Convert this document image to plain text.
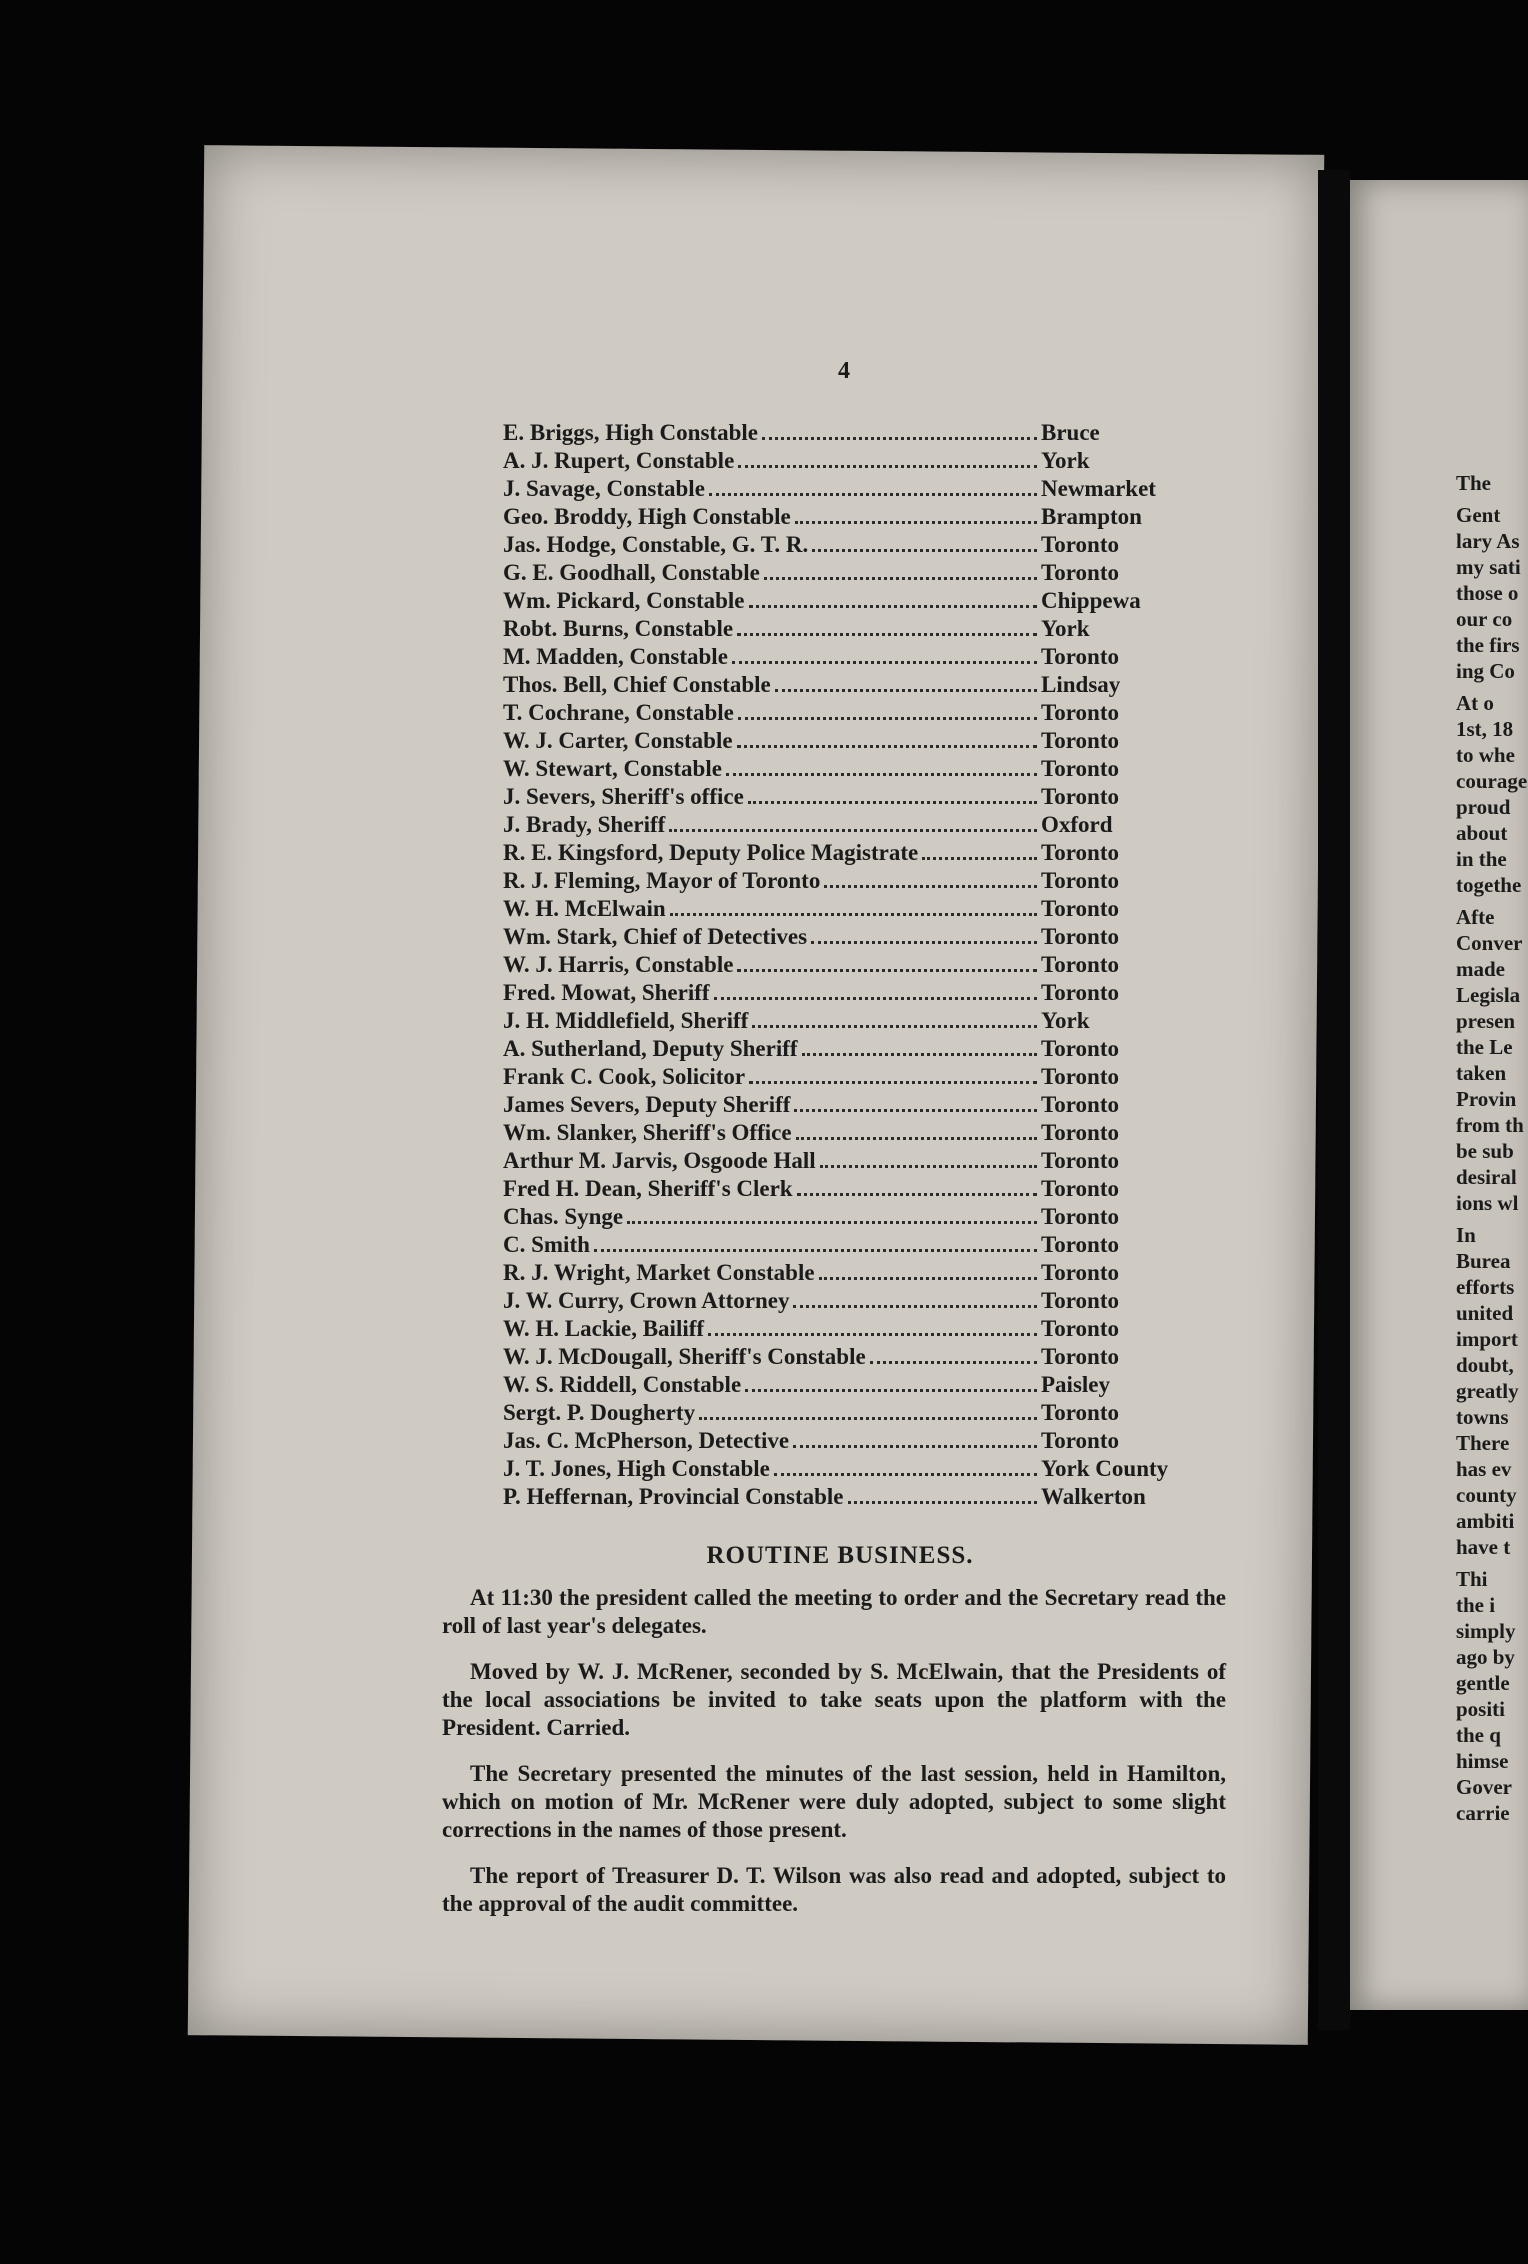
4
E. Briggs, High Constable	Bruce
A. J. Rupert, Constable	York
J. Savage, Constable	Newmarket
Geo. Broddy, High Constable	Brampton
Jas. Hodge, Constable, G. T. R.	Toronto
G. E. Goodhall, Constable	Toronto
Wm. Pickard, Constable	Chippewa
Robt. Burns, Constable	York
M. Madden, Constable	Toronto
Thos. Bell, Chief Constable	Lindsay
T. Cochrane, Constable	Toronto
W. J. Carter, Constable	Toronto
W. Stewart, Constable	Toronto
J. Severs, Sheriff's office	Toronto
J. Brady, Sheriff	Oxford
R. E. Kingsford, Deputy Police Magistrate	Toronto
R. J. Fleming, Mayor of Toronto	Toronto
W. H. McElwain	Toronto
Wm. Stark, Chief of Detectives	Toronto
W. J. Harris, Constable	Toronto
Fred. Mowat, Sheriff	Toronto
J. H. Middlefield, Sheriff	York
A. Sutherland, Deputy Sheriff	Toronto
Frank C. Cook, Solicitor	Toronto
James Severs, Deputy Sheriff	Toronto
Wm. Slanker, Sheriff's Office	Toronto
Arthur M. Jarvis, Osgoode Hall	Toronto
Fred H. Dean, Sheriff's Clerk	Toronto
Chas. Synge	Toronto
C. Smith	Toronto
R. J. Wright, Market Constable	Toronto
J. W. Curry, Crown Attorney	Toronto
W. H. Lackie, Bailiff	Toronto
W. J. McDougall, Sheriff's Constable	Toronto
W. S. Riddell, Constable	Paisley
Sergt. P. Dougherty	Toronto
Jas. C. McPherson, Detective	Toronto
J. T. Jones, High Constable	York County
P. Heffernan, Provincial Constable	Walkerton
ROUTINE BUSINESS.

At 11:30 the president called the meeting to order and the Secretary read the roll of last year's delegates.

Moved by W. J. McRener, seconded by S. McElwain, that the Presidents of the local associations be invited to take seats upon the platform with the President. Carried.

The Secretary presented the minutes of the last session, held in Hamilton, which on motion of Mr. McRener were duly adopted, subject to some slight corrections in the names of those present.

The report of Treasurer D. T. Wilson was also read and adopted, subject to the approval of the audit committee.

The
Gent
lary As
my sati
those o
our co
the firs
ing Co
At o
1st, 18
to whe
courage
proud
about
in the
togethe
Afte
Conver
made
Legisla
presen
the Le
taken
Provin
from th
be sub
desiral
ions wl
In
Burea
efforts
united
import
doubt,
greatly
towns
There
has ev
county
ambiti
have t
Thi
the i
simply
ago by
gentle
positi
the q
himse
Gover
carrie
